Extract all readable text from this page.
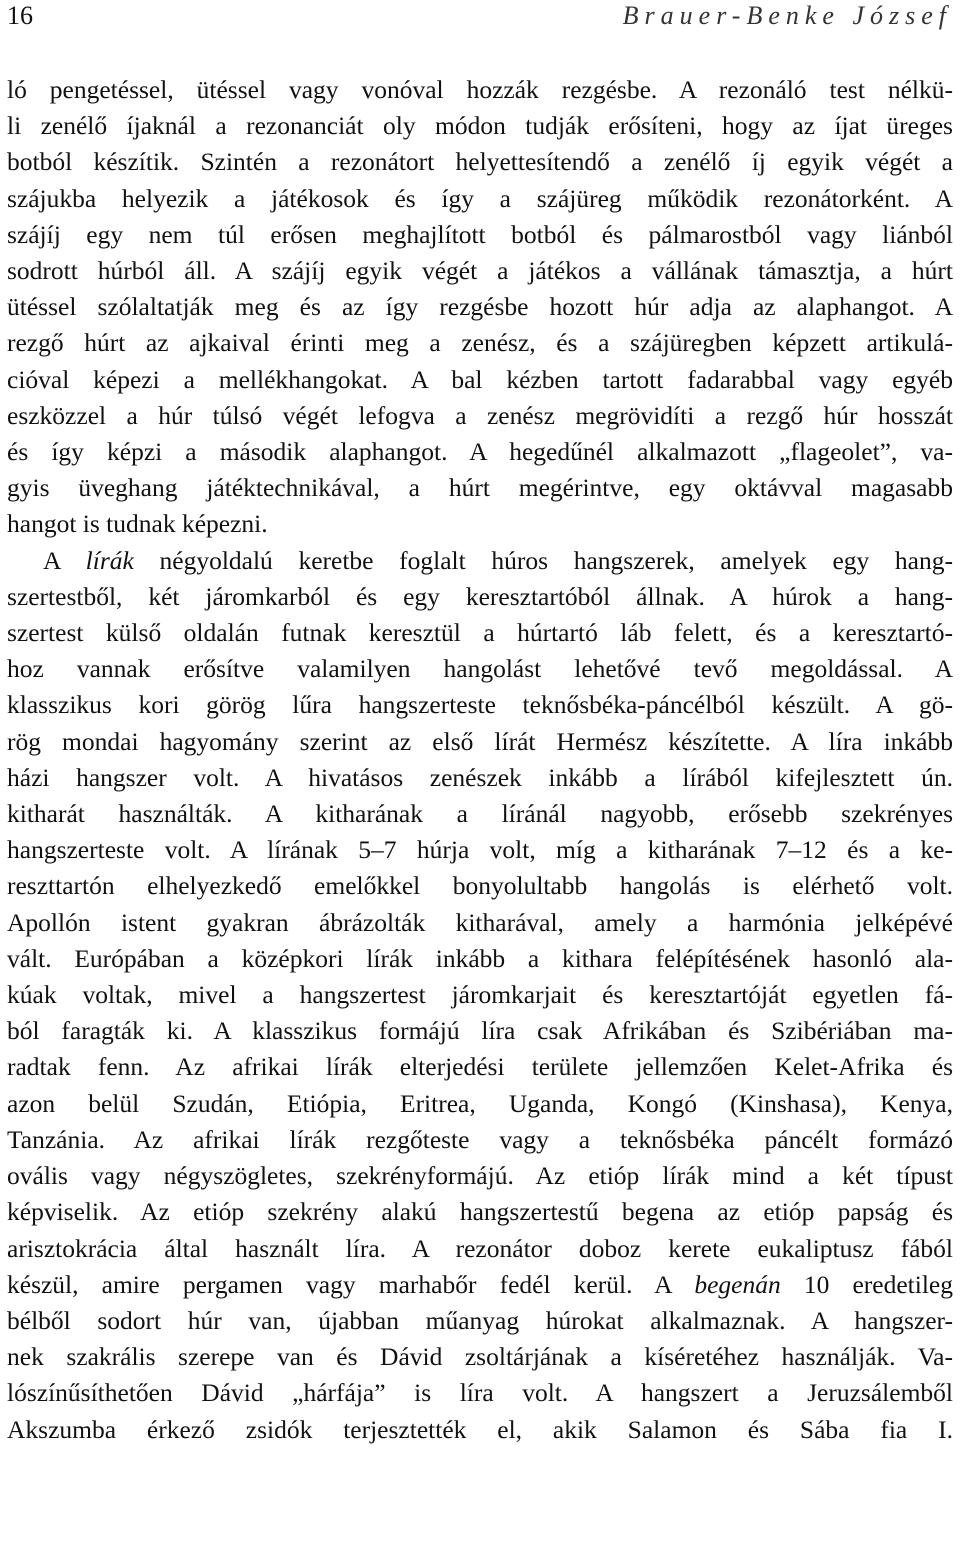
16	Brauer-Benke József
ló pengetéssel, ütéssel vagy vonóval hozzák rezgésbe. A rezonáló test nélkü-
li zenélő íjaknál a rezonanciát oly módon tudják erősíteni, hogy az íjat üreges
botból készítik. Szintén a rezonátort helyettesítendő a zenélő íj egyik végét a
szájukba helyezik a játékosok és így a szájüreg működik rezonátorként. A
szájíj egy nem túl erősen meghajlított botból és pálmarostból vagy liánból
sodrott húrból áll. A szájíj egyik végét a játékos a vállának támasztja, a húrt
ütéssel szólaltatják meg és az így rezgésbe hozott húr adja az alaphangot. A
rezgő húrt az ajkaival érinti meg a zenész, és a szájüregben képzett artikulá-
cióval képezi a mellékhangokat. A bal kézben tartott fadarabbal vagy egyéb
eszközzel a húr túlsó végét lefogva a zenész megrövidíti a rezgő húr hosszát
és így képzi a második alaphangot. A hegedűnél alkalmazott „flageolet”, va-
gyis üveghang játéktechnikával, a húrt megérintve, egy oktávval magasabb
hangot is tudnak képezni.
A lírák négyoldalú keretbe foglalt húros hangszerek, amelyek egy hang-
szertestből, két járomkarból és egy keresztartóból állnak. A húrok a hang-
szertest külső oldalán futnak keresztül a húrtartó láb felett, és a keresztartó-
hoz vannak erősítve valamilyen hangolást lehetővé tevő megoldással. A
klasszikus kori görög lűra hangszerteste teknősbéka-páncélból készült. A gö-
rög mondai hagyomány szerint az első lírát Hermész készítette. A líra inkább
házi hangszer volt. A hivatásos zenészek inkább a lírából kifejlesztett ún.
kitharát használták. A kitharának a líránál nagyobb, erősebb szekrényes
hangszerteste volt. A lírának 5–7 húrja volt, míg a kitharának 7–12 és a ke-
reszttartón elhelyezkedő emelőkkel bonyolultabb hangolás is elérhető volt.
Apollón istent gyakran ábrázolták kitharával, amely a harmónia jelképévé
vált. Európában a középkori lírák inkább a kithara felépítésének hasonló ala-
kúak voltak, mivel a hangszertest járomkarjait és keresztartóját egyetlen fá-
ból faragták ki. A klasszikus formájú líra csak Afrikában és Szibériában ma-
radtak fenn. Az afrikai lírák elterjedési területe jellemzően Kelet-Afrika és
azon belül Szudán, Etiópia, Eritrea, Uganda, Kongó (Kinshasa), Kenya,
Tanzánia. Az afrikai lírák rezgőteste vagy a teknősbéka páncélt formázó
ovális vagy négyszögletes, szekrényformájú. Az etióp lírák mind a két típust
képviselik. Az etióp szekrény alakú hangszertestű begena az etióp papság és
arisztokrácia által használt líra. A rezonátor doboz kerete eukaliptusz fából
készül, amire pergamen vagy marhabőr fedél kerül. A begenán 10 eredetileg
bélből sodort húr van, újabban műanyag húrokat alkalmaznak. A hangszer-
nek szakrális szerepe van és Dávid zsoltárjának a kíséretéhez használják. Va-
lószínűsíthetően Dávid „hárfája” is líra volt. A hangszert a Jeruzsálemből
Akszumba érkező zsidók terjesztették el, akik Salamon és Sába fia I.
